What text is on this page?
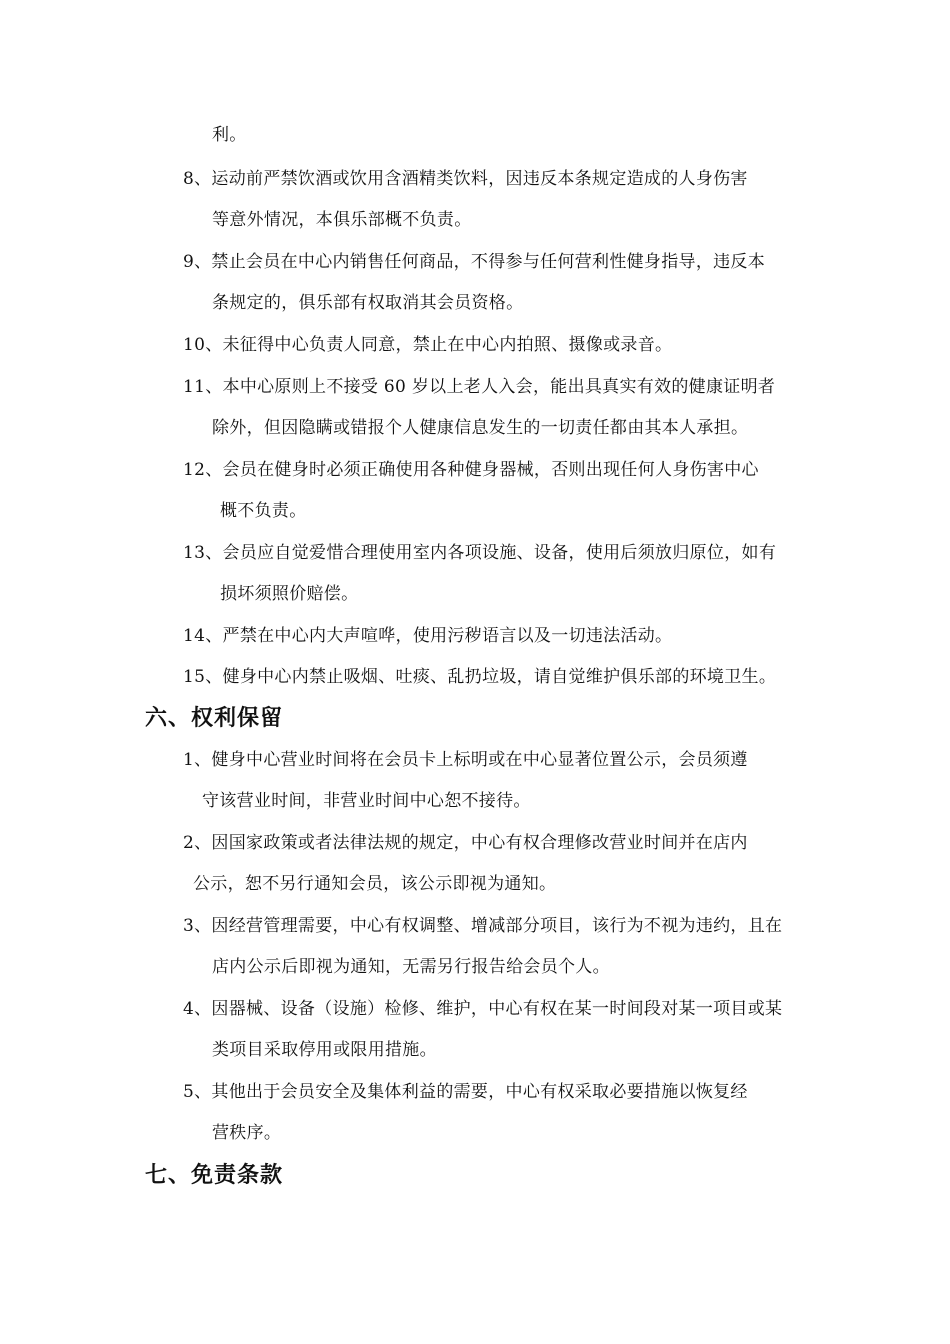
利。
8、运动前严禁饮酒或饮用含酒精类饮料，因违反本条规定造成的人身伤害
等意外情况，本俱乐部概不负责。
9、禁止会员在中心内销售任何商品，不得参与任何营利性健身指导，违反本
条规定的，俱乐部有权取消其会员资格。
10、未征得中心负责人同意，禁止在中心内拍照、摄像或录音。
11、本中心原则上不接受 60 岁以上老人入会，能出具真实有效的健康证明者
除外，但因隐瞒或错报个人健康信息发生的一切责任都由其本人承担。
12、会员在健身时必须正确使用各种健身器械，否则出现任何人身伤害中心
概不负责。
13、会员应自觉爱惜合理使用室内各项设施、设备，使用后须放归原位，如有
损坏须照价赔偿。
14、严禁在中心内大声喧哗，使用污秽语言以及一切违法活动。
15、健身中心内禁止吸烟、吐痰、乱扔垃圾，请自觉维护俱乐部的环境卫生。
六、权利保留
1、健身中心营业时间将在会员卡上标明或在中心显著位置公示，会员须遵
守该营业时间，非营业时间中心恕不接待。
2、因国家政策或者法律法规的规定，中心有权合理修改营业时间并在店内
公示，恕不另行通知会员，该公示即视为通知。
3、因经营管理需要，中心有权调整、增减部分项目，该行为不视为违约，且在
店内公示后即视为通知，无需另行报告给会员个人。
4、因器械、设备（设施）检修、维护，中心有权在某一时间段对某一项目或某
类项目采取停用或限用措施。
5、其他出于会员安全及集体利益的需要，中心有权采取必要措施以恢复经
营秩序。
七、免责条款
